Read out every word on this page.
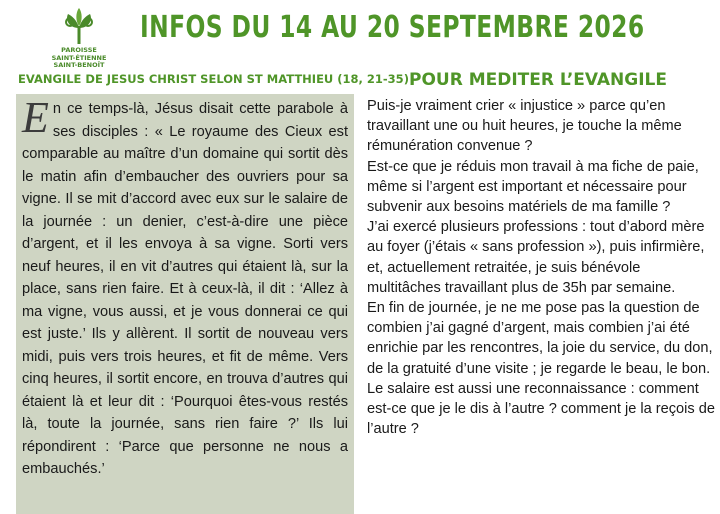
PAROISSE
SAINT-ÉTIENNE
SAINT-BENOÎT
INFOS DU 14 AU 20 SEPTEMBRE 2026
EVANGILE DE JESUS CHRIST SELON ST MATTHIEU (18, 21-35)

En ce temps-là, Jésus disait cette parabole à ses disciples : « Le royaume des Cieux est comparable au maître d’un domaine qui sortit dès le matin afin d’embaucher des ouvriers pour sa vigne. Il se mit d’accord avec eux sur le salaire de la journée : un denier, c’est-à-dire une pièce d’argent, et il les envoya à sa vigne. Sorti vers neuf heures, il en vit d’autres qui étaient là, sur la place, sans rien faire. Et à ceux-là, il dit : ‘Allez à ma vigne, vous aussi, et je vous donnerai ce qui est juste.’ Ils y allèrent. Il sortit de nouveau vers midi, puis vers trois heures, et fit de même. Vers cinq heures, il sortit encore, en trouva d’autres qui étaient là et leur dit : ‘Pourquoi êtes-vous restés là, toute la journée, sans rien faire ?’ Ils lui répondirent : ‘Parce que personne ne nous a embauchés.’

POUR MEDITER L’EVANGILE

Puis-je vraiment crier « injustice » parce qu’en travaillant une ou huit heures, je touche la même rémunération convenue ?

Est-ce que je réduis mon travail à ma fiche de paie, même si l’argent est important et nécessaire pour subvenir aux besoins matériels de ma famille ?

J’ai exercé plusieurs professions : tout d’abord mère au foyer (j’étais « sans profession »), puis infirmière, et, actuellement retraitée, je suis bénévole multitâches travaillant plus de 35h par semaine.

En fin de journée, je ne me pose pas la question de combien j’ai gagné d’argent, mais combien j’ai été enrichie par les rencontres, la joie du service, du don, de la gratuité d’une visite ; je regarde le beau, le bon.

Le salaire est aussi une reconnaissance : comment est-ce que je le dis à l’autre ? comment je la reçois de l’autre ?
